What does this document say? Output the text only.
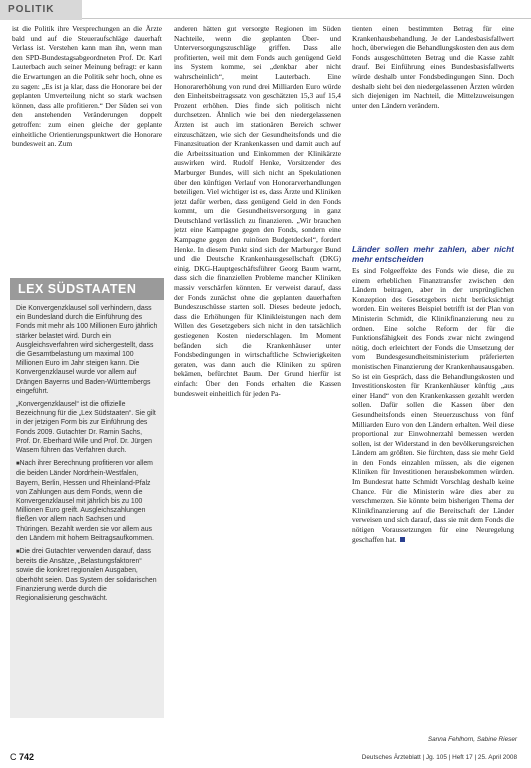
POLITIK

ist die Politik ihre Versprechungen an die Ärzte bald und auf die Steueraufschläge dauerhaft Verlass ist. Verstehen kann man ihn, wenn man den SPD-Bundestagsabgeordneten Prof. Dr. Karl Lauterbach auch seiner Meinung befragt: er kann die Erwartungen an die Politik sehr hoch, ohne es zu sagen: „Es ist ja klar, dass die Honorare bei der geplanten Umverteilung nicht so stark wachsen können, dass alle profitieren.“ Der Süden sei von den anstehenden Veränderungen doppelt getroffen: zum einen gleiche der geplante einheitliche Orientierungspunktwert die Honorare bundesweit an. Zum

LEX SÜDSTAATEN

Die Konvergenzklausel soll verhindern, dass ein Bundesland durch die Einführung des Fonds mit mehr als 100 Millionen Euro jährlich stärker belastet wird. Durch ein Ausgleichsverfahren wird sichergestellt, dass die Gesamtbelastung um maximal 100 Millionen Euro im Jahr steigen kann. Die Konvergenzklausel wurde vor allem auf Drängen Bayerns und Baden-Württembergs eingeführt.

„Konvergenzklausel“ ist die offizielle Bezeichnung für die „Lex Südstaaten“. Sie gilt in der jetzigen Form bis zur Einführung des Fonds 2009. Gutachter Dr. Ramin Sachs, Prof. Dr. Eberhard Wille und Prof. Dr. Jürgen Wasem führen das Verfahren durch.

■ Nach ihrer Berechnung profitieren vor allem die beiden Länder Nordrhein-Westfalen, Bayern, Berlin, Hessen und Rheinland-Pfalz von Zahlungen aus dem Fonds, wenn die Konvergenzklausel mit jährlich bis zu 100 Millionen Euro greift. Ausgleichszahlungen fließen vor allem nach Sachsen und Thüringen. Bezahlt werden sie vor allem aus den Ländern mit hohem Beitragsaufkommen.

■ Die drei Gutachter verwenden darauf, dass bereits die Ansätze, „Belastungsfaktoren“ sowie die konkret regionalen Ausgaben, überhöht seien. Das System der solidarischen Finanzierung werde durch die Regionalisierung geschwächt.

anderen hätten gut versorgte Regionen im Süden Nachteile, wenn die geplanten Über- und Unterversorgungszuschläge griffen. Dass alle profitierten, weil mit dem Fonds auch genügend Geld ins System komme, sei „denkbar aber nicht wahrscheinlich“, meint Lauterbach. Eine Honorarerhöhung von rund drei Milliarden Euro würde den Einheitsbeitragssatz von geschätzten 15,3 auf 15,4 Prozent erhöhen. Dies finde sich politisch nicht durchsetzen. Ähnlich wie bei den niedergelassenen Ärzten ist auch im stationären Bereich schwer einzuschätzen, wie sich der Gesundheitsfonds und die Finanzsituation der Krankenkassen und damit auch auf die Arbeitssituation und Einkommen der Klinikärzte auswirken wird. Rudolf Henke, Vorsitzender des Marburger Bundes, will sich nicht an Spekulationen über den künftigen Verlauf von Honorarverhandlungen beteiligen. Viel wichtiger ist es, dass Ärzte und Kliniken jetzt dafür werben, dass genügend Geld in den Fonds kommt, um die Gesundheitsversorgung in ganz Deutschland verlässlich zu finanzieren. „Wir brauchen jetzt eine Kampagne gegen den Fonds, sondern eine Kampagne gegen den ruinösen Budgetdeckel“, fordert Henke. In diesem Punkt sind sich der Marburger Bund und die Deutsche Krankenhausgesellschaft (DKG) einig. DKG-Hauptgeschäftsführer Georg Baum warnt, dass sich die finanziellen Probleme mancher Kliniken massiv verschärfen könnten. Er verweist darauf, dass der Fonds zunächst ohne die geplanten dauerhaften Bundeszuschüsse starten soll. Dieses bedeute jedoch, dass die Erhöhungen für Klinikleistungen nach dem Willen des Gesetzgebers sich nicht in den tatsächlich gestiegenen Kosten niederschlagen. Im Moment befänden sich die Krankenhäuser unter Fondsbedingungen in wirtschaftliche Schwierigkeiten geraten, was dann auch die Kliniken zu spüren bekämen, befürchtet Baum. Der Grund hierfür ist einfach: Über den Fonds erhalten die Kassen bundesweit einheitlich für jeden Pa-

tienten einen bestimmten Betrag für eine Krankenhausbehandlung. Je der Landesbasisfallwert hoch, überwiegen die Behandlungskosten den aus dem Fonds ausgeschütteten Betrag und die Kasse zahlt drauf. Bei Einführung eines Bundesbasisfallwerts würde deshalb unter Fondsbedingungen Sinn. Doch deshalb sieht bei den niedergelassenen Ärzten würden sich diejenigen im Nachteil, die Mittelzuweisungen unter den Ländern verändern.

Länder sollen mehr zahlen, aber nicht mehr entscheiden

Es sind Folgeeffekte des Fonds wie diese, die zu einem erheblichen Finanztransfer zwischen den Ländern beitragen, aber in der ursprünglichen Konzeption des Gesetzgebers nicht berücksichtigt worden. Ein weiteres Beispiel betrifft ist der Plan von Ministerin Schmidt, die Klinikfinanzierung neu zu ordnen. Eine solche Reform der für die Funktionsfähigkeit des Fonds zwar nicht zwingend nötig, doch erleichtert der Fonds die Umsetzung der vom Bundesgesundheitsministerium präferierten monistischen Finanzierung der Krankenhausausgaben. So ist ein Gespräch, dass die Behandlungskosten und Investitionskosten für Krankenhäuser künftig „aus einer Hand“ von den Krankenkassen gezahlt werden sollen. Dafür sollen die Kassen über den Gesundheitsfonds einen Steuerzuschuss von fünf Milliarden Euro von den Ländern erhalten. Weil diese proportional zur Einwohnerzahl bemessen werden sollen, ist der Widerstand in den bevölkerungsreichen Ländern am größten. Sie fürchten, dass sie mehr Geld in den Fonds einzahlen müssen, als die eigenen Kliniken für Investitionen herausbekommen würden. Im Bundesrat hatte Schmidt Vorschlag deshalb keine Chance. Für die Ministerin wäre dies aber zu verschmerzen. Sie könnte beim bisherigen Thema der Klinikfinanzierung auf die Bereitschaft der Länder verweisen und sich darauf, dass sie mit dem Fonds die nötigen Voraussetzungen für eine Neuregelung geschaffen hat.

Sanna Fehlhorn, Sabine Rieser
C 742	Deutsches Ärzteblatt | Jg. 105 | Heft 17 | 25. April 2008
